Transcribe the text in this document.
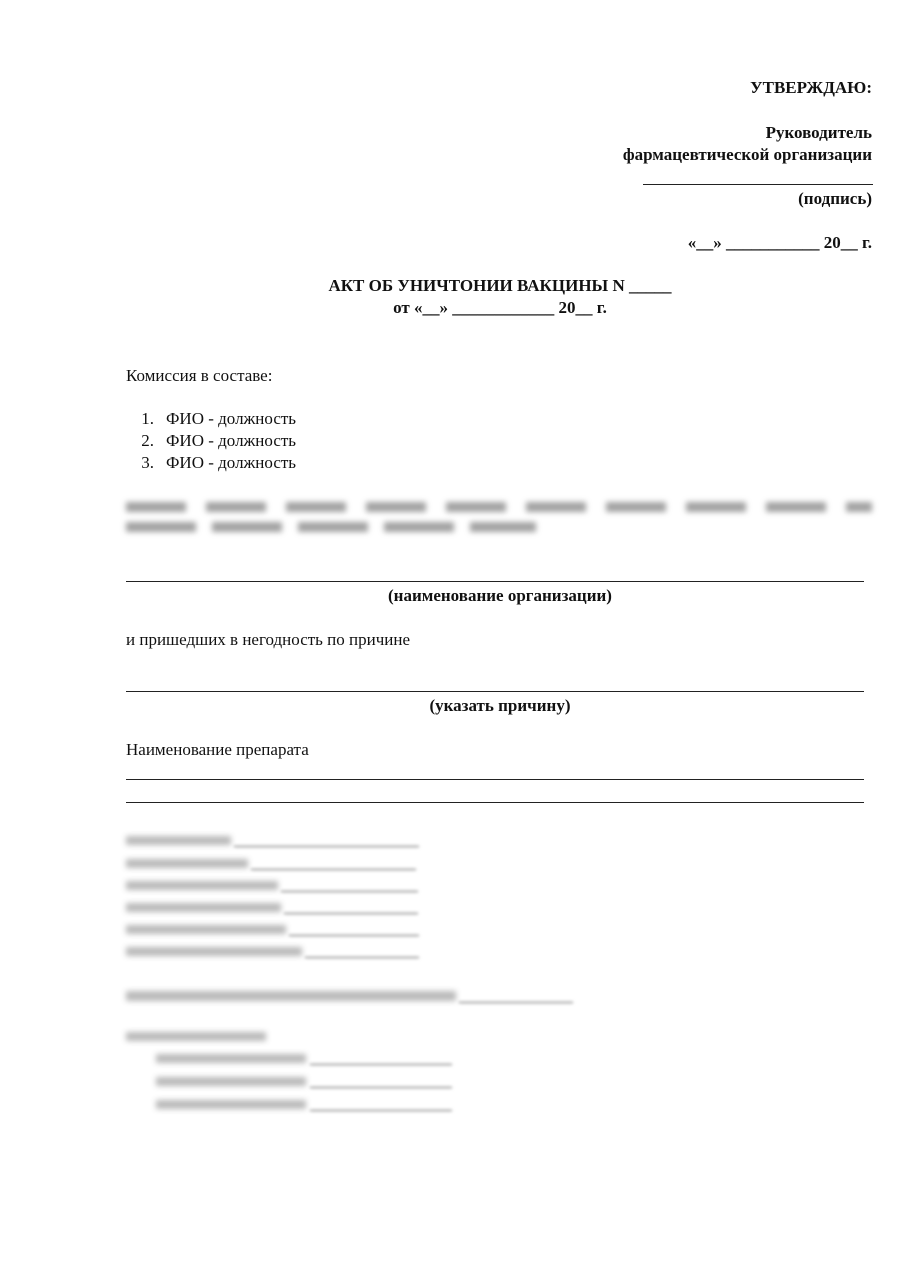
УТВЕРЖДАЮ:
Руководитель
фармацевтической организации
(подпись)
«__» ___________ 20__ г.
АКТ ОБ УНИЧТОНИИ ВАКЦИНЫ N _____
от «__» ____________ 20__ г.
Комиссия в составе:
1. ФИО - должность
2. ФИО - должность
3. ФИО - должность
(наименование организации)
и пришедших в негодность по причине
(указать причину)
Наименование препарата
